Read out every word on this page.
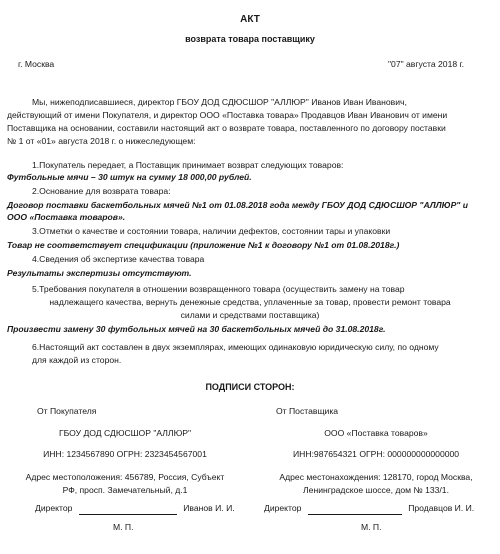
АКТ
возврата товара поставщику
г. Москва	"07" августа 2018 г.
Мы, нижеподписавшиеся, директор ГБОУ ДОД СДЮСШОР "АЛЛЮР" Иванов Иван Иванович,
действующий от имени Покупателя, и директор ООО «Поставка товара» Продавцов Иван Иванович от имени
Поставщика на основании, составили настоящий акт о возврате товара, поставленного по договору поставки
№ 1 от «01» августа 2018 г. о нижеследующем:
1.Покупатель передает, а Поставщик принимает возврат следующих товаров:
Футбольные мячи – 30 штук на сумму 18 000,00 рублей.
2.Основание для возврата товара:
Договор поставки баскетбольных мячей №1 от 01.08.2018 года между ГБОУ ДОД СДЮСШОР "АЛЛЮР" и
ООО «Поставка товаров».
3.Отметки о качестве и состоянии товара, наличии дефектов, состоянии тары и упаковки
Товар не соответствует спецификации (приложение №1 к договору №1 от 01.08.2018г.)
4.Сведения об экспертизе качества товара
Результаты экспертизы отсутствуют.
5.Требования покупателя в отношении возвращенного товара (осуществить замену на товар
надлежащего качества, вернуть денежные средства, уплаченные за товар, провести ремонт товара
силами и средствами поставщика)
Произвести замену 30 футбольных мячей на 30 баскетбольных мячей до 31.08.2018г.
6.Настоящий акт составлен в двух экземплярах, имеющих одинаковую юридическую силу, по одному
для каждой из сторон.
ПОДПИСИ СТОРОН:
От Покупателя
ГБОУ ДОД СДЮСШОР "АЛЛЮР"
ИНН: 1234567890 ОГРН: 2323454567001
Адрес местоположения: 456789, Россия, Субъект
РФ, просп. Замечательный, д.1
Директор	Иванов И. И.
М. П.
От Поставщика
ООО «Поставка товаров»
ИНН:987654321 ОГРН: 000000000000000
Адрес местонахождения: 128170, город Москва,
Ленинградское шоссе, дом № 133/1.
Директор	Продавцов И. И.
М. П.
